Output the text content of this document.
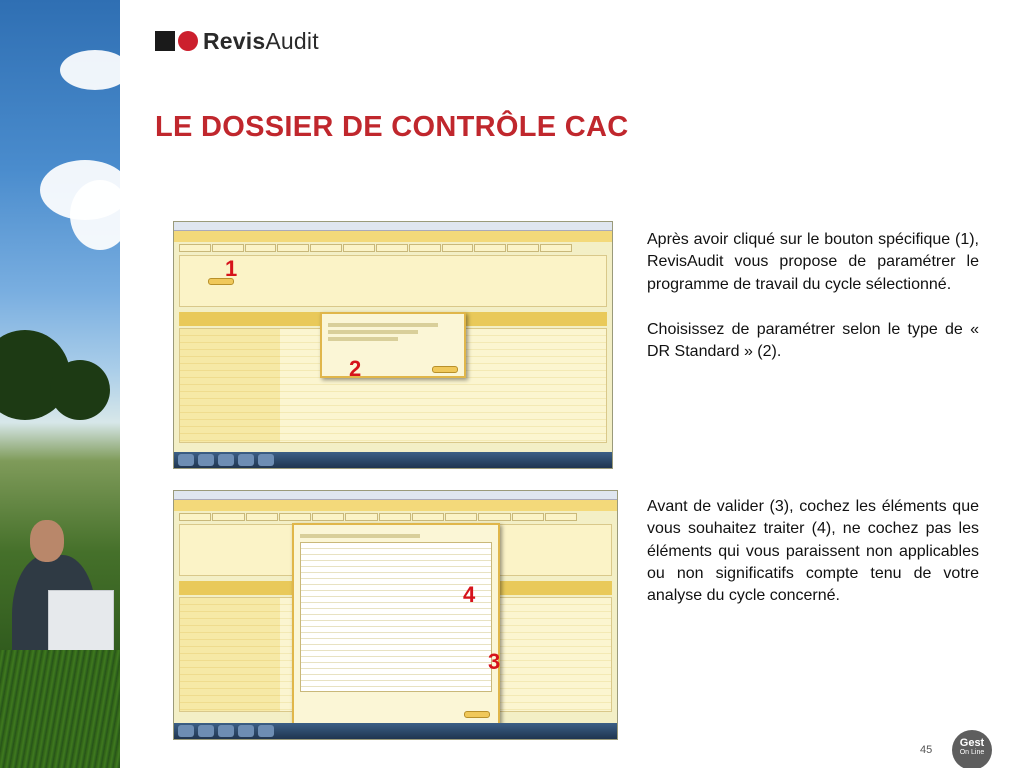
RevisAudit
LE DOSSIER DE CONTRÔLE CAC
1
2
4
3

Après avoir cliqué sur le bouton spécifique (1), RevisAudit vous propose de paramétrer le programme de travail du cycle sélectionné.

Choisissez de paramétrer selon le type de « DR Standard » (2).

Avant de valider (3), cochez les éléments que vous souhaitez traiter (4), ne cochez pas les éléments qui vous paraissent non applicables ou non significatifs compte tenu de votre analyse du cycle concerné.

45
Gest
On Line
